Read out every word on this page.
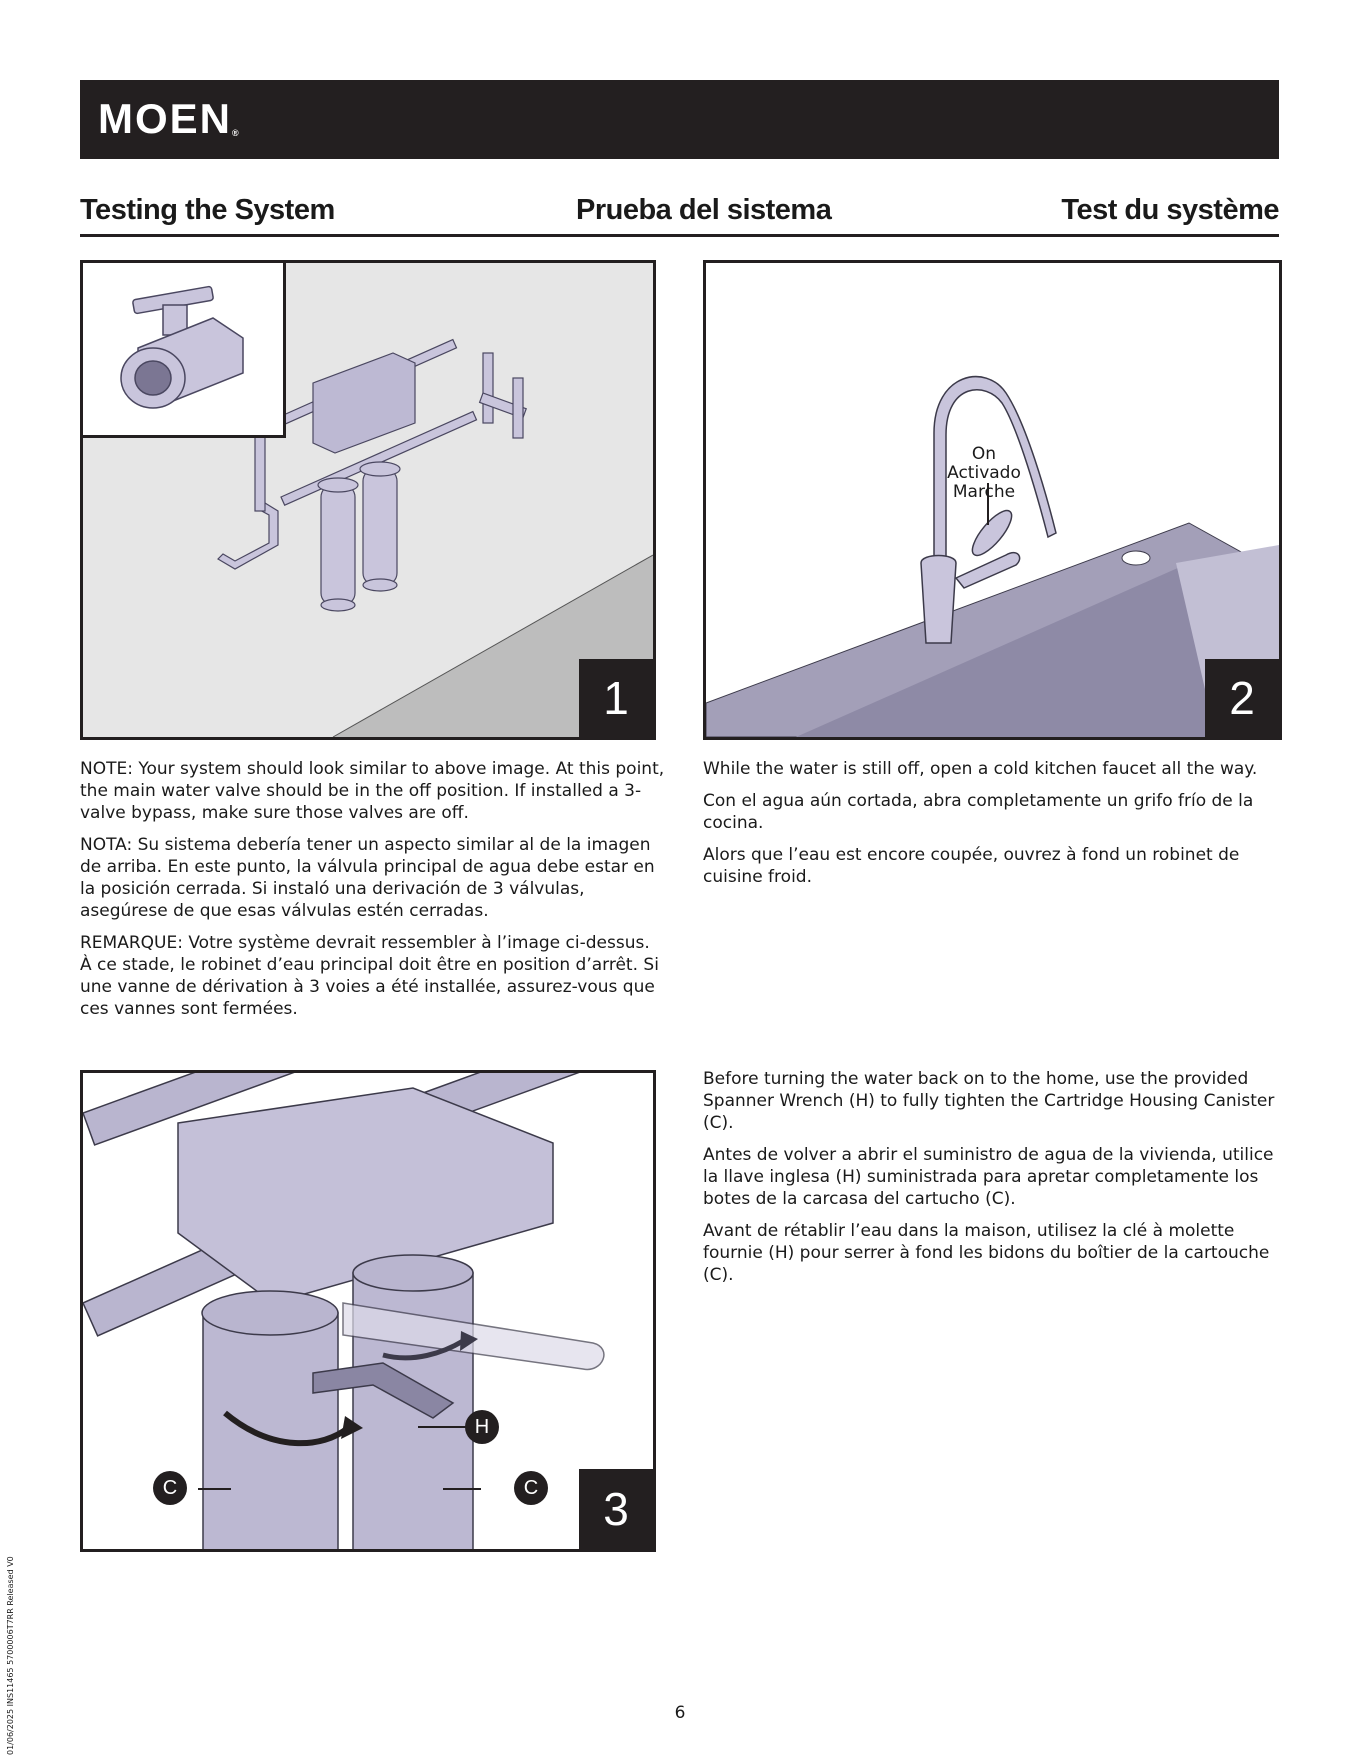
MOEN®
Testing the System	Prueba del sistema	Test du système
1
On
Activado
Marche
2
C
H
C	3

NOTE: Your system should look similar to above image. At this point, the main water valve should be in the off position. If installed a 3-valve bypass, make sure those valves are off.

NOTA: Su sistema debería tener un aspecto similar al de la imagen de arriba. En este punto, la válvula principal de agua debe estar en la posición cerrada. Si instaló una derivación de 3 válvulas, asegúrese de que esas válvulas estén cerradas.

REMARQUE: Votre système devrait ressembler à l’image ci-dessus. À ce stade, le robinet d’eau principal doit être en position d’arrêt. Si une vanne de dérivation à 3 voies a été installée, assurez-vous que ces vannes sont fermées.

While the water is still off, open a cold kitchen faucet all the way.

Con el agua aún cortada, abra completamente un grifo frío de la cocina.

Alors que l’eau est encore coupée, ouvrez à fond un robinet de cuisine froid.

Before turning the water back on to the home, use the provided Spanner Wrench (H) to fully tighten the Cartridge Housing Canister (C).

Antes de volver a abrir el suministro de agua de la vivienda, utilice la llave inglesa (H) suministrada para apretar completamente los botes de la carcasa del cartucho (C).

Avant de rétablir l’eau dans la maison, utilisez la clé à molette fournie (H) pour serrer à fond les bidons du boîtier de la cartouche (C).

6
01/06/2025 INS11465 5700006T7RR Released V0
